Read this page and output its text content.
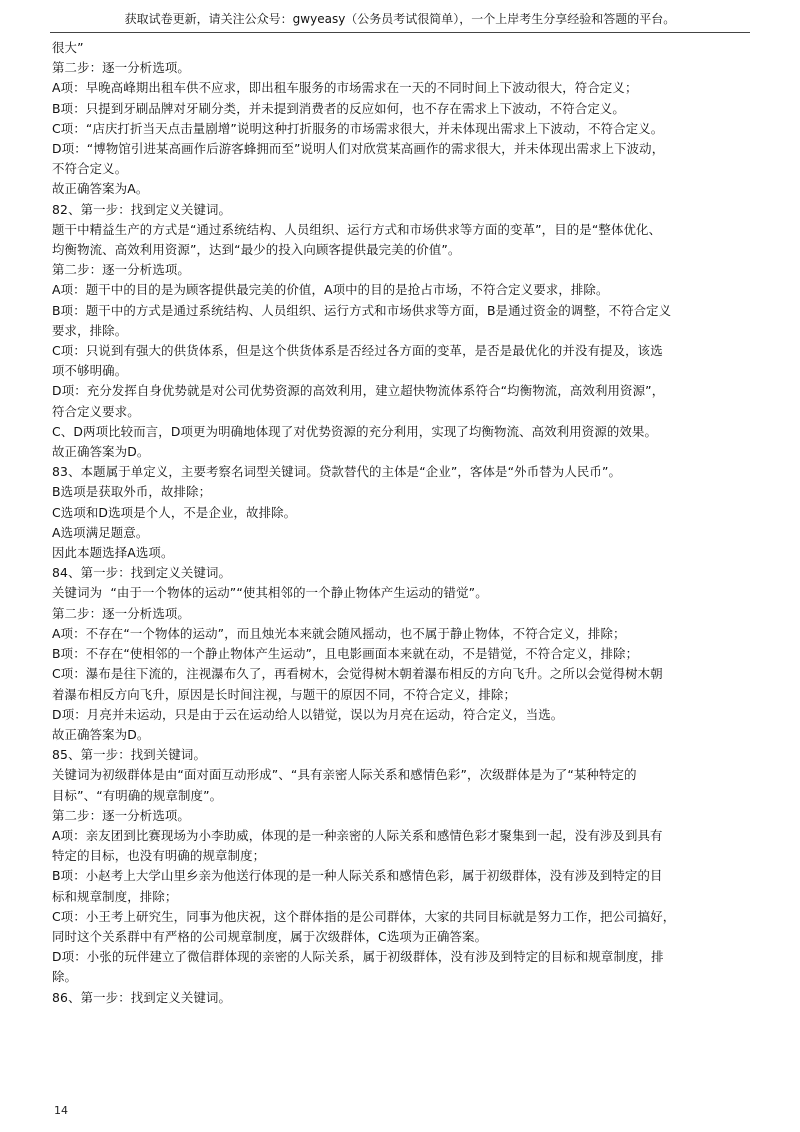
获取试卷更新，请关注公众号：gwyeasy（公务员考试很简单），一个上岸考生分享经验和答题的平台。
很大”
第二步：逐一分析选项。
A项：早晚高峰期出租车供不应求，即出租车服务的市场需求在一天的不同时间上下波动很大，符合定义；
B项：只提到牙刷品牌对牙刷分类，并未提到消费者的反应如何，也不存在需求上下波动，不符合定义。
C项：“店庆打折当天点击量剧增”说明这种打折服务的市场需求很大，并未体现出需求上下波动，不符合定义。
D项：“博物馆引进某高画作后游客蜂拥而至”说明人们对欣赏某高画作的需求很大，并未体现出需求上下波动，
不符合定义。
故正确答案为A。
82、第一步：找到定义关键词。
题干中精益生产的方式是“通过系统结构、人员组织、运行方式和市场供求等方面的变革”，目的是“整体优化、
均衡物流、高效利用资源”，达到“最少的投入向顾客提供最完美的价值”。
第二步：逐一分析选项。
A项：题干中的目的是为顾客提供最完美的价值，A项中的目的是抢占市场，不符合定义要求，排除。
B项：题干中的方式是通过系统结构、人员组织、运行方式和市场供求等方面，B是通过资金的调整，不符合定义
要求，排除。
C项：只说到有强大的供货体系，但是这个供货体系是否经过各方面的变革，是否是最优化的并没有提及，该选
项不够明确。
D项：充分发挥自身优势就是对公司优势资源的高效利用，建立超快物流体系符合“均衡物流，高效利用资源”，
符合定义要求。
C、D两项比较而言，D项更为明确地体现了对优势资源的充分利用，实现了均衡物流、高效利用资源的效果。
故正确答案为D。
83、本题属于单定义，主要考察名词型关键词。贷款替代的主体是“企业”，客体是“外币替为人民币”。
B选项是获取外币，故排除；
C选项和D选项是个人，不是企业，故排除。
A选项满足题意。
因此本题选择A选项。
84、第一步：找到定义关键词。
关键词为  “由于一个物体的运动”“使其相邻的一个静止物体产生运动的错觉”。
第二步：逐一分析选项。
A项：不存在“一个物体的运动”，而且烛光本来就会随风摇动，也不属于静止物体，不符合定义，排除；
B项：不存在“使相邻的一个静止物体产生运动”，且电影画面本来就在动，不是错觉，不符合定义，排除；
C项：瀑布是往下流的，注视瀑布久了，再看树木，会觉得树木朝着瀑布相反的方向飞升。之所以会觉得树木朝
着瀑布相反方向飞升，原因是长时间注视，与题干的原因不同，不符合定义，排除；
D项：月亮并未运动，只是由于云在运动给人以错觉，误以为月亮在运动，符合定义，当选。
故正确答案为D。
85、第一步：找到关键词。
关键词为初级群体是由“面对面互动形成”、“具有亲密人际关系和感情色彩”，次级群体是为了“某种特定的
目标”、“有明确的规章制度”。
第二步：逐一分析选项。
A项：亲友团到比赛现场为小李助威，体现的是一种亲密的人际关系和感情色彩才聚集到一起，没有涉及到具有
特定的目标，也没有明确的规章制度；
B项：小赵考上大学山里乡亲为他送行体现的是一种人际关系和感情色彩，属于初级群体，没有涉及到特定的目
标和规章制度，排除；
C项：小王考上研究生，同事为他庆祝，这个群体指的是公司群体，大家的共同目标就是努力工作，把公司搞好，
同时这个关系群中有严格的公司规章制度，属于次级群体，C选项为正确答案。
D项：小张的玩伴建立了微信群体现的亲密的人际关系，属于初级群体，没有涉及到特定的目标和规章制度，排
除。
86、第一步：找到定义关键词。
14
